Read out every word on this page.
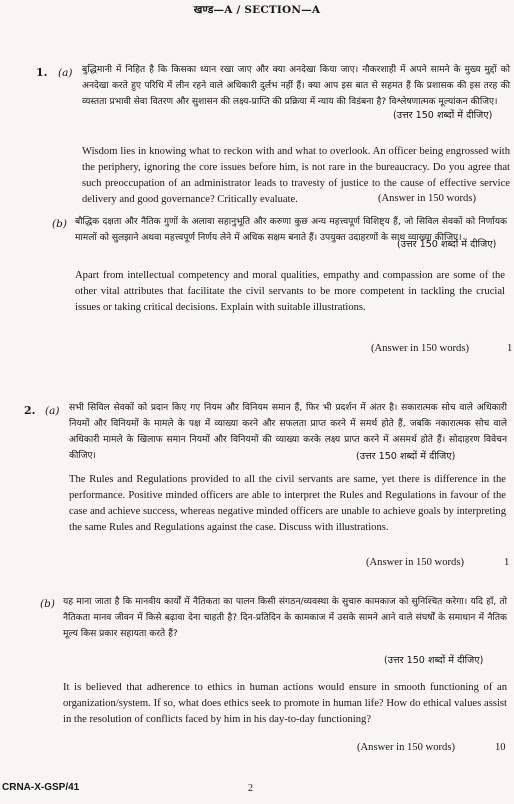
खण्ड—A / SECTION—A
1. (a) बुद्धिमानी में निहित है कि किसका ध्यान रखा जाए और क्या अनदेखा किया जाए। नौकरशाही में अपने सामने के मुख्य मुद्दों को अनदेखा करते हुए परिधि में लीन रहने वाले अधिकारी दुर्लभ नहीं हैं। क्या आप इस बात से सहमत हैं कि प्रशासक की इस तरह की व्यस्तता प्रभावी सेवा वितरण और सुशासन की लक्ष्य-प्राप्ति की प्रक्रिया में न्याय की विडंबना है? विश्लेषणात्मक मूल्यांकन कीजिए।
(उत्तर 150 शब्दों में दीजिए)
Wisdom lies in knowing what to reckon with and what to overlook. An officer being engrossed with the periphery, ignoring the core issues before him, is not rare in the bureaucracy. Do you agree that such preoccupation of an administrator leads to travesty of justice to the cause of effective service delivery and good governance? Critically evaluate.	(Answer in 150 words)
(b) बौद्धिक दक्षता और नैतिक गुणों के अलावा सहानुभूति और करुणा कुछ अन्य महत्त्वपूर्ण विशिष्ट्य हैं, जो सिविल सेवकों को निर्णायक मामलों को सुलझाने अथवा महत्त्वपूर्ण निर्णय लेने में अधिक सक्षम बनाते हैं। उपयुक्त उदाहरणों के साथ व्याख्या कीजिए।
(उत्तर 150 शब्दों में दीजिए)
Apart from intellectual competency and moral qualities, empathy and compassion are some of the other vital attributes that facilitate the civil servants to be more competent in tackling the crucial issues or taking critical decisions. Explain with suitable illustrations.
(Answer in 150 words)	1
2. (a) सभी सिविल सेवकों को प्रदान किए गए नियम और विनियम समान हैं, फिर भी प्रदर्शन में अंतर है। सकारात्मक सोच वाले अधिकारी नियमों और विनियमों के मामले के पक्ष में व्याख्या करने और सफलता प्राप्त करने में समर्थ होते हैं, जबकि नकारात्मक सोच वाले अधिकारी मामले के खिलाफ समान नियमों और विनियमों की व्याख्या करके लक्ष्य प्राप्त करने में असमर्थ होते हैं। सोदाहरण विवेचन कीजिए।	(उत्तर 150 शब्दों में दीजिए)
The Rules and Regulations provided to all the civil servants are same, yet there is difference in the performance. Positive minded officers are able to interpret the Rules and Regulations in favour of the case and achieve success, whereas negative minded officers are unable to achieve goals by interpreting the same Rules and Regulations against the case. Discuss with illustrations.
(Answer in 150 words)	1
(b) यह माना जाता है कि मानवीय कार्यों में नैतिकता का पालन किसी संगठन/व्यवस्था के सुचारु कामकाज को सुनिश्चित करेगा। यदि हाँ, तो नैतिकता मानव जीवन में किसे बढ़ावा देना चाहती है? दिन-प्रतिदिन के कामकाज में उसके सामने आने वाले संघर्षों के समाधान में नैतिक मूल्य किस प्रकार सहायता करते हैं?
(उत्तर 150 शब्दों में दीजिए)
It is believed that adherence to ethics in human actions would ensure in smooth functioning of an organization/system. If so, what does ethics seek to promote in human life? How do ethical values assist in the resolution of conflicts faced by him in his day-to-day functioning?
(Answer in 150 words)	10
CRNA-X-GSP/41	2
